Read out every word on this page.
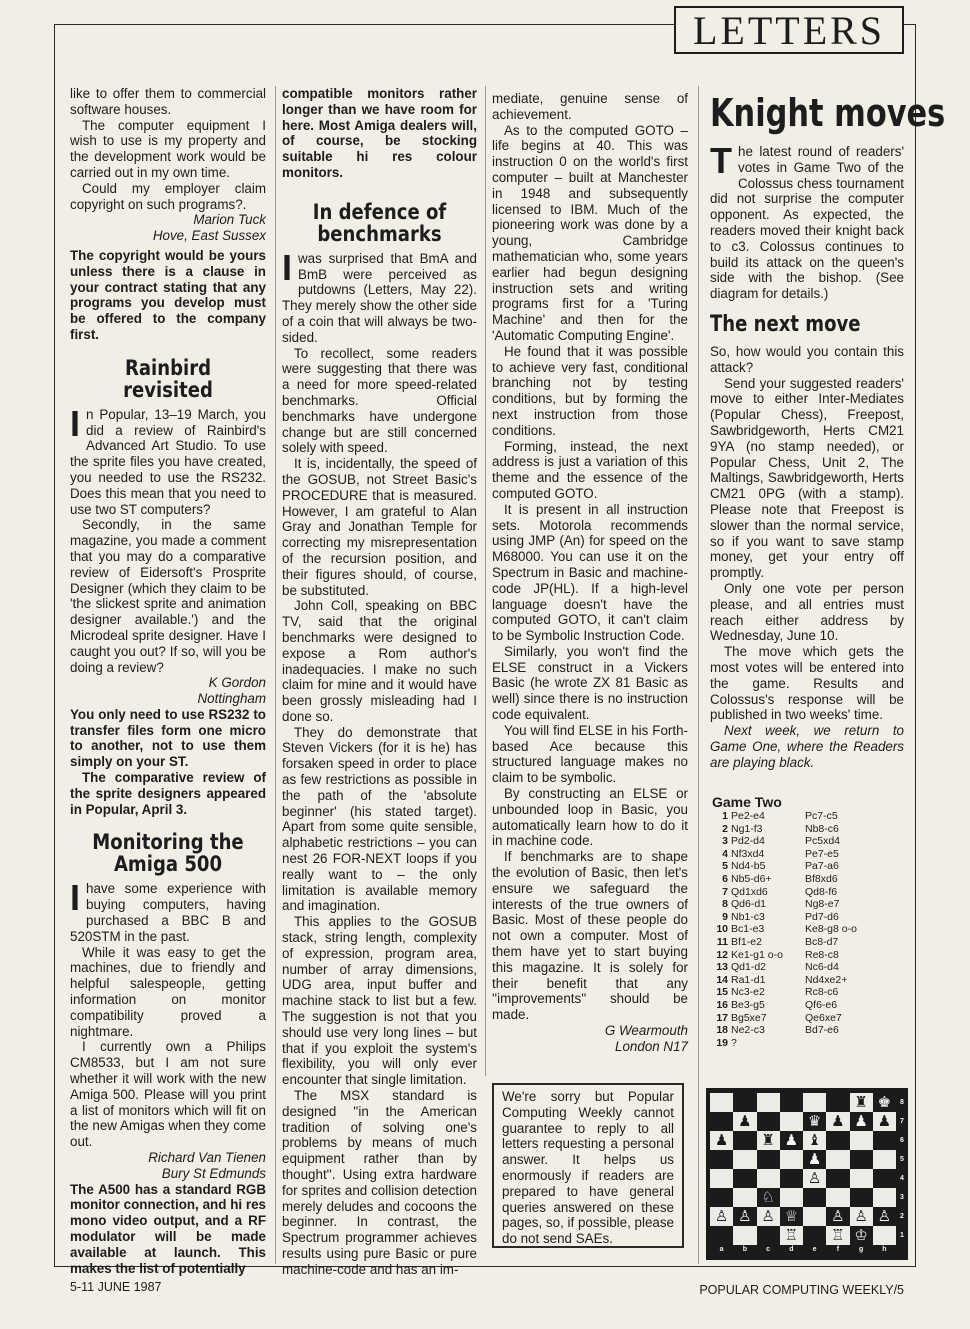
LETTERS

like to offer them to commercial software houses.

The computer equipment I wish to use is my property and the development work would be carried out in my own time.

Could my employer claim copyright on such programs?.

Marion Tuck

Hove, East Sussex

The copyright would be yours unless there is a clause in your contract stating that any programs you develop must be offered to the company first.

Rainbird revisited

In Popular, 13–19 March, you did a review of Rainbird's Advanced Art Studio. To use the sprite files you have created, you needed to use the RS232. Does this mean that you need to use two ST computers?

Secondly, in the same magazine, you made a comment that you may do a comparative review of Eidersoft's Prosprite Designer (which they claim to be 'the slickest sprite and animation designer available.') and the Microdeal sprite designer. Have I caught you out? If so, will you be doing a review?

K Gordon

Nottingham

You only need to use RS232 to transfer files form one micro to another, not to use them simply on your ST.

The comparative review of the sprite designers appeared in Popular, April 3.

Monitoring the Amiga 500

Ihave some experience with buying computers, having purchased a BBC B and 520STM in the past.

While it was easy to get the machines, due to friendly and helpful salespeople, getting information on monitor compatibility proved a nightmare.

I currently own a Philips CM8533, but I am not sure whether it will work with the new Amiga 500. Please will you print a list of monitors which will fit on the new Amigas when they come out.

Richard Van Tienen

Bury St Edmunds

The A500 has a standard RGB monitor connection, and hi res mono video output, and a RF modulator will be made available at launch. This makes the list of potentially

compatible monitors rather longer than we have room for here. Most Amiga dealers will, of course, be stocking suitable hi res colour monitors.

In defence of benchmarks

Iwas surprised that BmA and BmB were perceived as putdowns (Letters, May 22). They merely show the other side of a coin that will always be two-sided.

To recollect, some readers were suggesting that there was a need for more speed-related benchmarks. Official benchmarks have undergone change but are still concerned solely with speed.

It is, incidentally, the speed of the GOSUB, not Street Basic's PROCEDURE that is measured. However, I am grateful to Alan Gray and Jonathan Temple for correcting my misrepresentation of the recursion position, and their figures should, of course, be substituted.

John Coll, speaking on BBC TV, said that the original benchmarks were designed to expose a Rom author's inadequacies. I make no such claim for mine and it would have been grossly misleading had I done so.

They do demonstrate that Steven Vickers (for it is he) has forsaken speed in order to place as few restrictions as possible in the path of the 'absolute beginner' (his stated target). Apart from some quite sensible, alphabetic restrictions – you can nest 26 FOR-NEXT loops if you really want to – the only limitation is available memory and imagination.

This applies to the GOSUB stack, string length, complexity of expression, program area, number of array dimensions, UDG area, input buffer and machine stack to list but a few. The suggestion is not that you should use very long lines – but that if you exploit the system's flexibility, you will only ever encounter that single limitation.

The MSX standard is designed ''in the American tradition of solving one's problems by means of much equipment rather than by thought''. Using extra hardware for sprites and collision detection merely deludes and cocoons the beginner. In contrast, the Spectrum programmer achieves results using pure Basic or pure machine-code and has an im-

mediate, genuine sense of achievement.

As to the computed GOTO – life begins at 40. This was instruction 0 on the world's first computer – built at Manchester in 1948 and subsequently licensed to IBM. Much of the pioneering work was done by a young, Cambridge mathematician who, some years earlier had begun designing instruction sets and writing programs first for a 'Turing Machine' and then for the 'Automatic Computing Engine'.

He found that it was possible to achieve very fast, conditional branching not by testing conditions, but by forming the next instruction from those conditions.

Forming, instead, the next address is just a variation of this theme and the essence of the computed GOTO.

It is present in all instruction sets. Motorola recommends using JMP (An) for speed on the M68000. You can use it on the Spectrum in Basic and machine-code JP(HL). If a high-level language doesn't have the computed GOTO, it can't claim to be Symbolic Instruction Code.

Similarly, you won't find the ELSE construct in a Vickers Basic (he wrote ZX 81 Basic as well) since there is no instruction code equivalent.

You will find ELSE in his Forth-based Ace because this structured language makes no claim to be symbolic.

By constructing an ELSE or unbounded loop in Basic, you automatically learn how to do it in machine code.

If benchmarks are to shape the evolution of Basic, then let's ensure we safeguard the interests of the true owners of Basic. Most of these people do not own a computer. Most of them have yet to start buying this magazine. It is solely for their benefit that any ''improvements'' should be made.

G Wearmouth

London N17

We're sorry but Popular Computing Weekly cannot guarantee to reply to all letters requesting a personal answer. It helps us enormously if readers are prepared to have general queries answered on these pages, so, if possible, please do not send SAEs.
Knight moves

The latest round of readers' votes in Game Two of the Colossus chess tournament did not surprise the computer opponent. As expected, the readers moved their knight back to c3. Colossus continues to build its attack on the queen's side with the bishop. (See diagram for details.)

The next move

So, how would you contain this attack?

Send your suggested readers' move to either Inter-Mediates (Popular Chess), Freepost, Sawbridgeworth, Herts CM21 9YA (no stamp needed), or Popular Chess, Unit 2, The Maltings, Sawbridgeworth, Herts CM21 0PG (with a stamp). Please note that Freepost is slower than the normal service, so if you want to save stamp money, get your entry off promptly.

Only one vote per person please, and all entries must reach either address by Wednesday, June 10.

The move which gets the most votes will be entered into the game. Results and Colossus's response will be published in two weeks' time.

Next week, we return to Game One, where the Readers are playing black.

Game Two
1 Pe2-e4	Pc7-c5
2 Ng1-f3	Nb8-c6
3 Pd2-d4	Pc5xd4
4 Nf3xd4	Pe7-e5
5 Nd4-b5	Pa7-a6
6 Nb5-d6+	Bf8xd6
7 Qd1xd6	Qd8-f6
8 Qd6-d1	Ng8-e7
9 Nb1-c3	Pd7-d6
10 Bc1-e3	Ke8-g8 o-o
11 Bf1-e2	Bc8-d7
12 Ke1-g1 o-o	Re8-c8
13 Qd1-d2	Nc6-d4
14 Ra1-d1	Nd4xe2+
15 Nc3-e2	Rc8-c6
16 Be3-g5	Qf6-e6
17 Bg5xe7	Qe6xe7
18 Ne2-c3	Bd7-e6
19 ?
♜ ♚
♟	♛ ♟ ♟ ♟
♟ ♜ ♟ ♝
♟
♙
♘
♙ ♙ ♙ ♕ ♙ ♙ ♙
♖ ♖ ♔
a	b	c	d	e	f	g	h
8
7
6
5
4
3
2
1
5-11 JUNE 1987	POPULAR COMPUTING WEEKLY/5
